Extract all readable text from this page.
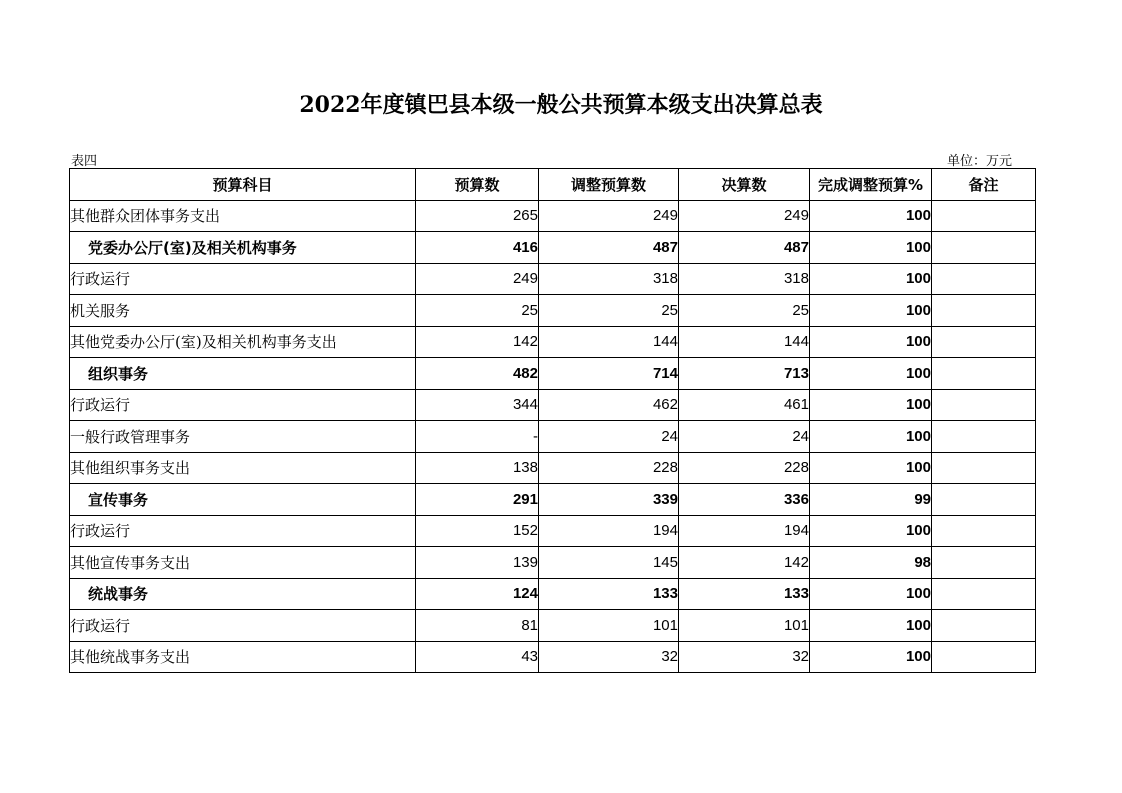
2022年度镇巴县本级一般公共预算本级支出决算总表
表四	单位：万元
预算科目	预算数	调整预算数	决算数	完成调整预算%	备注
其他群众团体事务支出	265	249	249	100	
党委办公厅(室)及相关机构事务	416	487	487	100	
行政运行	249	318	318	100	
机关服务	25	25	25	100	
其他党委办公厅(室)及相关机构事务支出	142	144	144	100	
组织事务	482	714	713	100	
行政运行	344	462	461	100	
一般行政管理事务	-	24	24	100	
其他组织事务支出	138	228	228	100	
宣传事务	291	339	336	99	
行政运行	152	194	194	100	
其他宣传事务支出	139	145	142	98	
统战事务	124	133	133	100	
行政运行	81	101	101	100	
其他统战事务支出	43	32	32	100	
